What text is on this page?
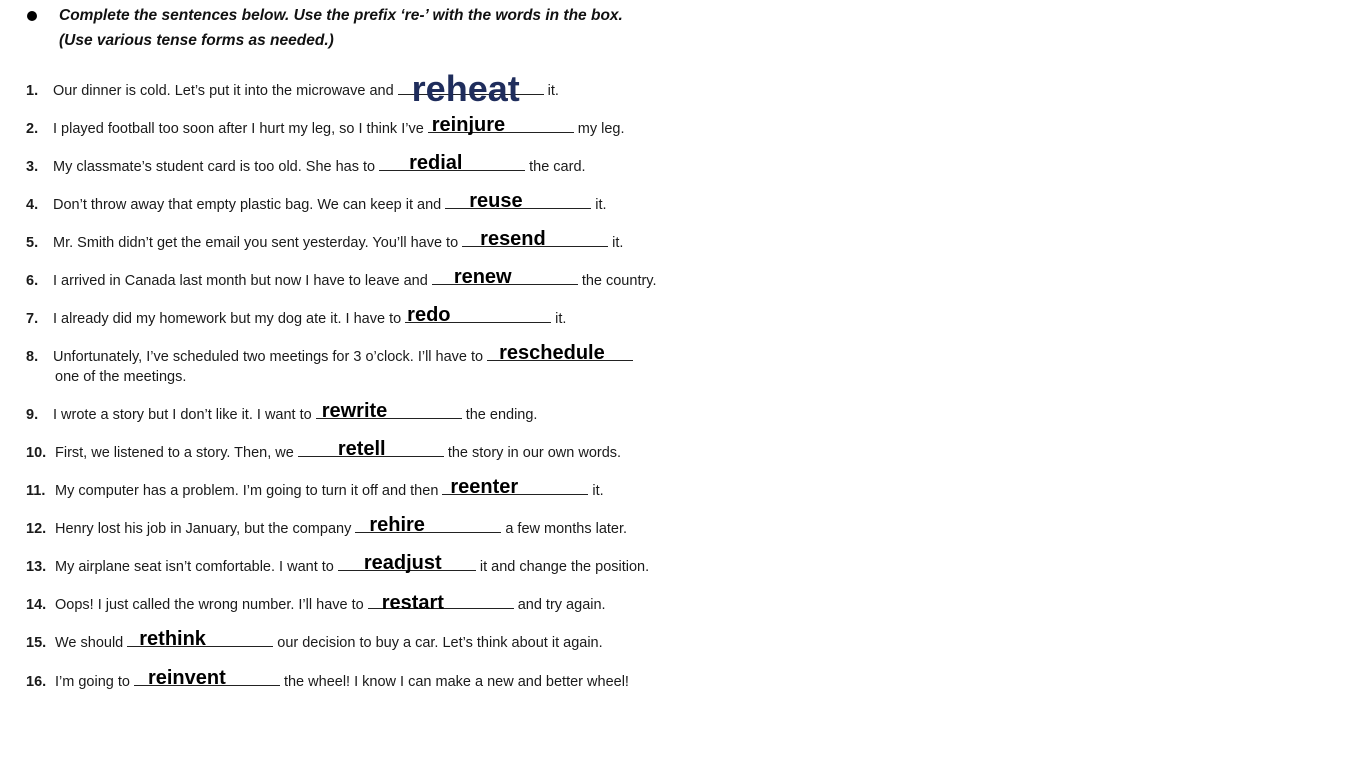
Complete the sentences below. Use the prefix ‘re-’ with the words in the box.
(Use various tense forms as needed.)
1. Our dinner is cold. Let’s put it into the microwave and reheat it.
2. I played football too soon after I hurt my leg, so I think I’ve reinjure	my leg.
3. My classmate’s student card is too old. She has to redial	the card.
4. Don’t throw away that empty plastic bag. We can keep it and reuse	it.
5. Mr. Smith didn’t get the email you sent yesterday. You’ll have to resend	it.
6. I arrived in Canada last month but now I have to leave and renew	the country.
7. I already did my homework but my dog ate it. I have to redo	it.
8. Unfortunately, I’ve scheduled two meetings for 3 o’clock. I’ll have to reschedule
one of the meetings.
9. I wrote a story but I don’t like it. I want to rewrite	the ending.
10. First, we listened to a story. Then, we retell	the story in our own words.
11. My computer has a problem. I’m going to turn it off and then reenter	it.
12. Henry lost his job in January, but the company rehire	a few months later.
13. My airplane seat isn’t comfortable. I want to readjust	it and change the position.
14. Oops! I just called the wrong number. I’ll have to restart	and try again.
15. We should rethink	our decision to buy a car. Let’s think about it again.
16. I’m going to reinvent	the wheel! I know I can make a new and better wheel!
